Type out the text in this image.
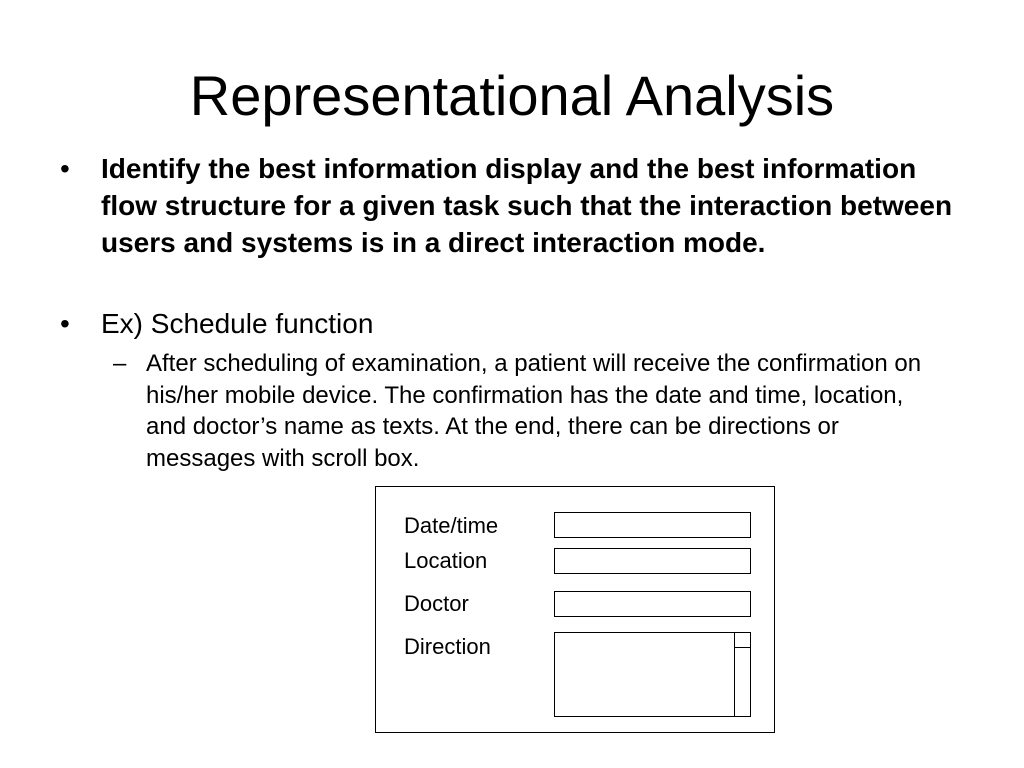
Representational Analysis
• Identify the best information display and the best information flow structure for a given task such that the interaction between users and systems is in a direct interaction mode.
• Ex) Schedule function
– After scheduling of examination, a patient will receive the confirmation on his/her mobile device. The confirmation has the date and time, location, and doctor’s name as texts. At the end, there can be directions or messages with scroll box.
Date/time
Location
Doctor
Direction
